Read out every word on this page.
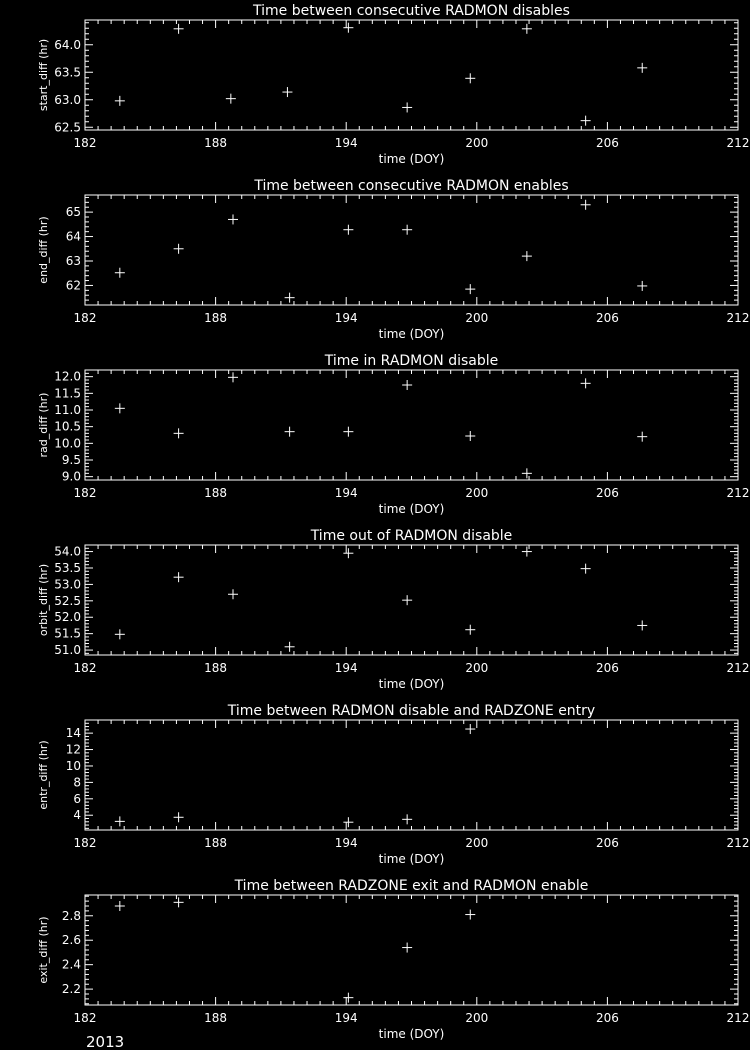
2013
Time between consecutive RADMON disables
182	188	194	200	206	212
62.5
63.0
63.5
64.0
time (DOY)
start_diff (hr)
Time between consecutive RADMON enables
182	188	194	200	206	212
62
63
64
65
time (DOY)
end_diff (hr)
Time in RADMON disable
182	188	194	200	206	212
9.0
9.5
10.0
10.5
11.0
11.5
12.0
time (DOY)
rad_diff (hr)
Time out of RADMON disable
182	188	194	200	206	212
51.0
51.5
52.0
52.5
53.0
53.5
54.0
time (DOY)
orbit_diff (hr)
Time between RADMON disable and RADZONE entry
182	188	194	200	206	212
4
6
8
10
12
14
time (DOY)
entr_diff (hr)
Time between RADZONE exit and RADMON enable
182	188	194	200	206	212
2.2
2.4
2.6
2.8
time (DOY)
exit_diff (hr)
